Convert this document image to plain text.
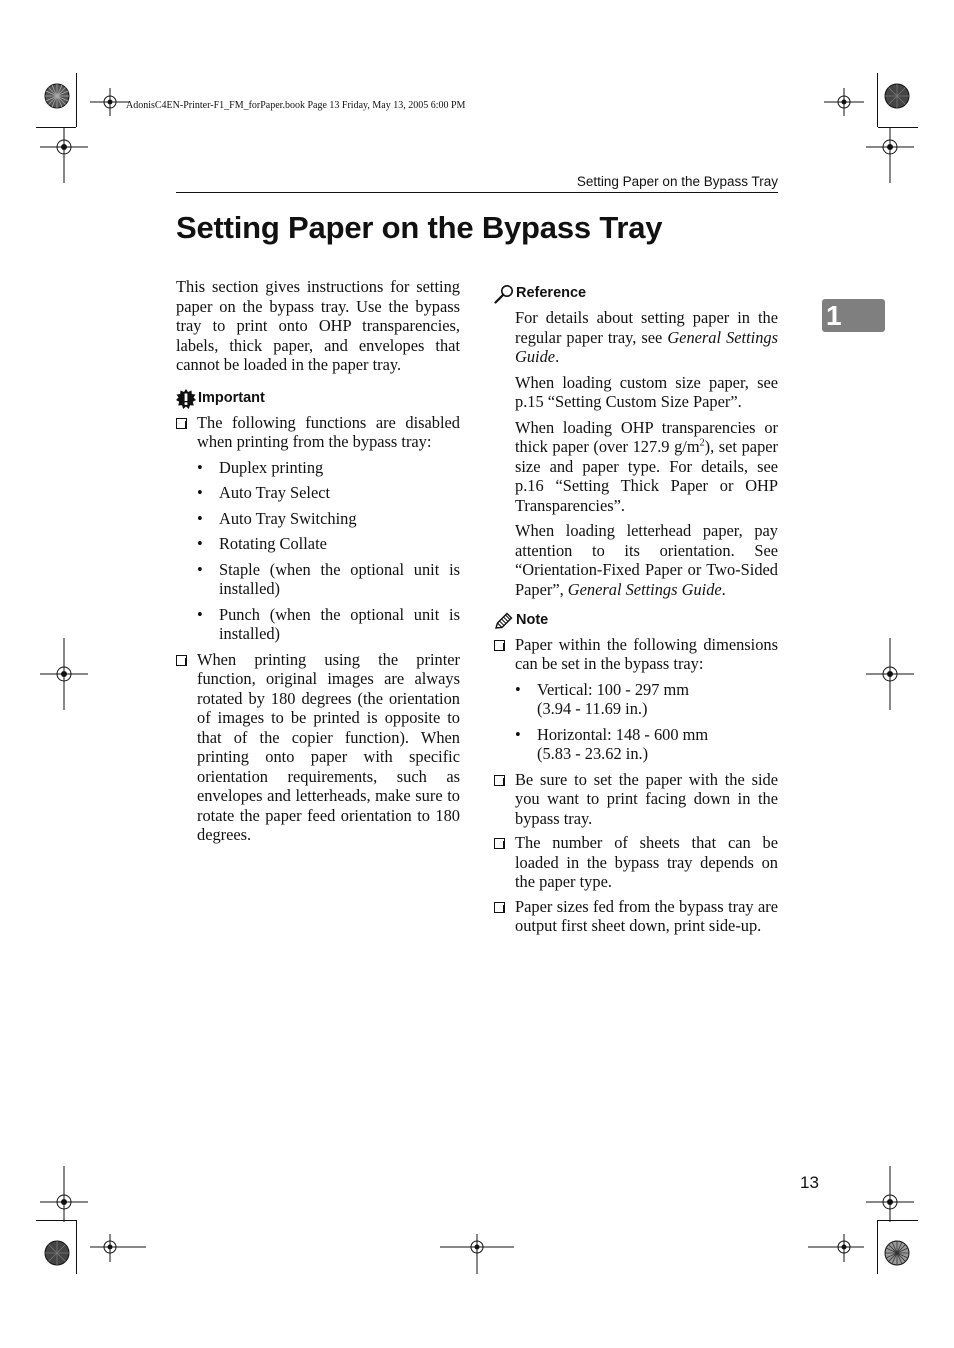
AdonisC4EN-Printer-F1_FM_forPaper.book Page 13 Friday, May 13, 2005 6:00 PM
Setting Paper on the Bypass Tray
Setting Paper on the Bypass Tray
1

This section gives instructions for setting paper on the bypass tray. Use the bypass tray to print onto OHP transparencies, labels, thick paper, and envelopes that cannot be loaded in the paper tray.

Important

The following functions are disabled when printing from the bypass tray:

• Duplex printing
• Auto Tray Select
• Auto Tray Switching
• Rotating Collate
• Staple (when the optional unit is installed)
• Punch (when the optional unit is installed)

When printing using the printer function, original images are always rotated by 180 degrees (the orientation of images to be printed is opposite to that of the copier function). When printing onto paper with specific orientation requirements, such as envelopes and letterheads, make sure to rotate the paper feed orientation to 180 degrees.

Reference

For details about setting paper in the regular paper tray, see General Settings Guide.

When loading custom size paper, see p.15 “Setting Custom Size Paper”.

When loading OHP transparencies or thick paper (over 127.9 $g/m^2$), set paper size and paper type. For details, see p.16 “Setting Thick Paper or OHP Transparencies”.

When loading letterhead paper, pay attention to its orientation. See “Orientation-Fixed Paper or Two-Sided Paper”, General Settings Guide.

Note

Paper within the following dimensions can be set in the bypass tray:

• Vertical: 100 - 297 mm
(3.94 - 11.69 in.)
• Horizontal: 148 - 600 mm
(5.83 - 23.62 in.)

Be sure to set the paper with the side you want to print facing down in the bypass tray.

The number of sheets that can be loaded in the bypass tray depends on the paper type.

Paper sizes fed from the bypass tray are output first sheet down, print side-up.

13
